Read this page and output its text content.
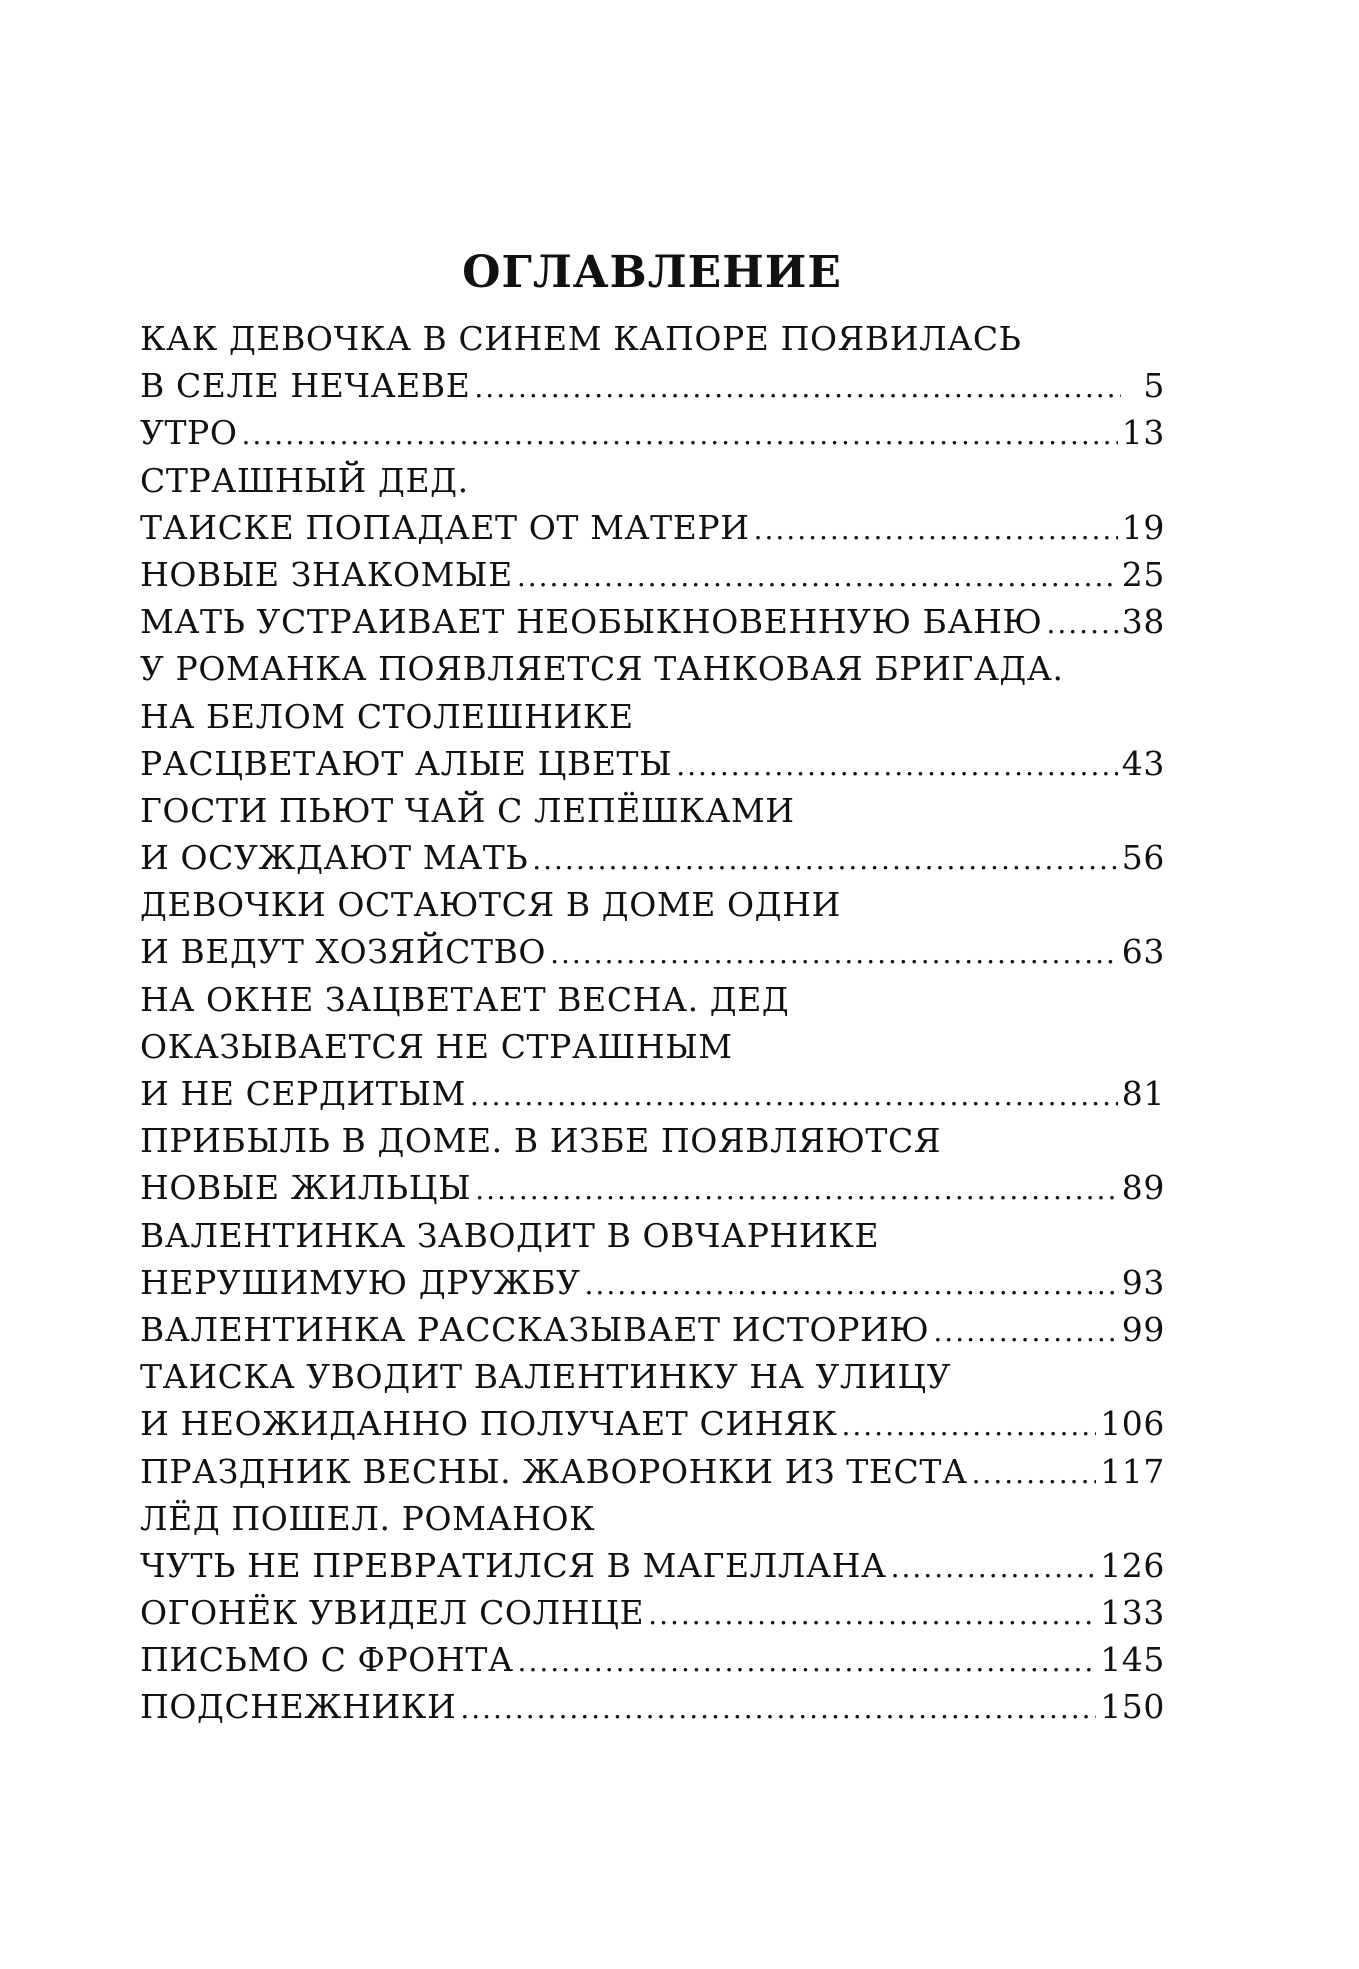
ОГЛАВЛЕНИЕ
КАК ДЕВОЧКА В СИНЕМ КАПОРЕ ПОЯВИЛАСЬ
В СЕЛЕ НЕЧАЕВЕ .....	5
УТРО .....	13
СТРАШНЫЙ ДЕД.
ТАИСКЕ ПОПАДАЕТ ОТ МАТЕРИ .....	19
НОВЫЕ ЗНАКОМЫЕ .....	25
МАТЬ УСТРАИВАЕТ НЕОБЫКНОВЕННУЮ БАНЮ ..... 38
У РОМАНКА ПОЯВЛЯЕТСЯ ТАНКОВАЯ БРИГАДА.
НА БЕЛОМ СТОЛЕШНИКЕ
РАСЦВЕТАЮТ АЛЫЕ ЦВЕТЫ .....	43
ГОСТИ ПЬЮТ ЧАЙ С ЛЕПЁШКАМИ
И ОСУЖДАЮТ МАТЬ .....	56
ДЕВОЧКИ ОСТАЮТСЯ В ДОМЕ ОДНИ
И ВЕДУТ ХОЗЯЙСТВО .....	63
НА ОКНЕ ЗАЦВЕТАЕТ ВЕСНА. ДЕД
ОКАЗЫВАЕТСЯ НЕ СТРАШНЫМ
И НЕ СЕРДИТЫМ .....	81
ПРИБЫЛЬ В ДОМЕ. В ИЗБЕ ПОЯВЛЯЮТСЯ
НОВЫЕ ЖИЛЬЦЫ .....	89
ВАЛЕНТИНКА ЗАВОДИТ В ОВЧАРНИКЕ
НЕРУШИМУЮ ДРУЖБУ .....	93
ВАЛЕНТИНКА РАССКАЗЫВАЕТ ИСТОРИЮ .....	99
ТАИСКА УВОДИТ ВАЛЕНТИНКУ НА УЛИЦУ
И НЕОЖИДАННО ПОЛУЧАЕТ СИНЯК .....	106
ПРАЗДНИК ВЕСНЫ. ЖАВОРОНКИ ИЗ ТЕСТА .....	117
ЛЁД ПОШЕЛ. РОМАНОК
ЧУТЬ НЕ ПРЕВРАТИЛСЯ В МАГЕЛЛАНА .....	126
ОГОНЁК УВИДЕЛ СОЛНЦЕ .....	133
ПИСЬМО С ФРОНТА .....	145
ПОДСНЕЖНИКИ .....	150
